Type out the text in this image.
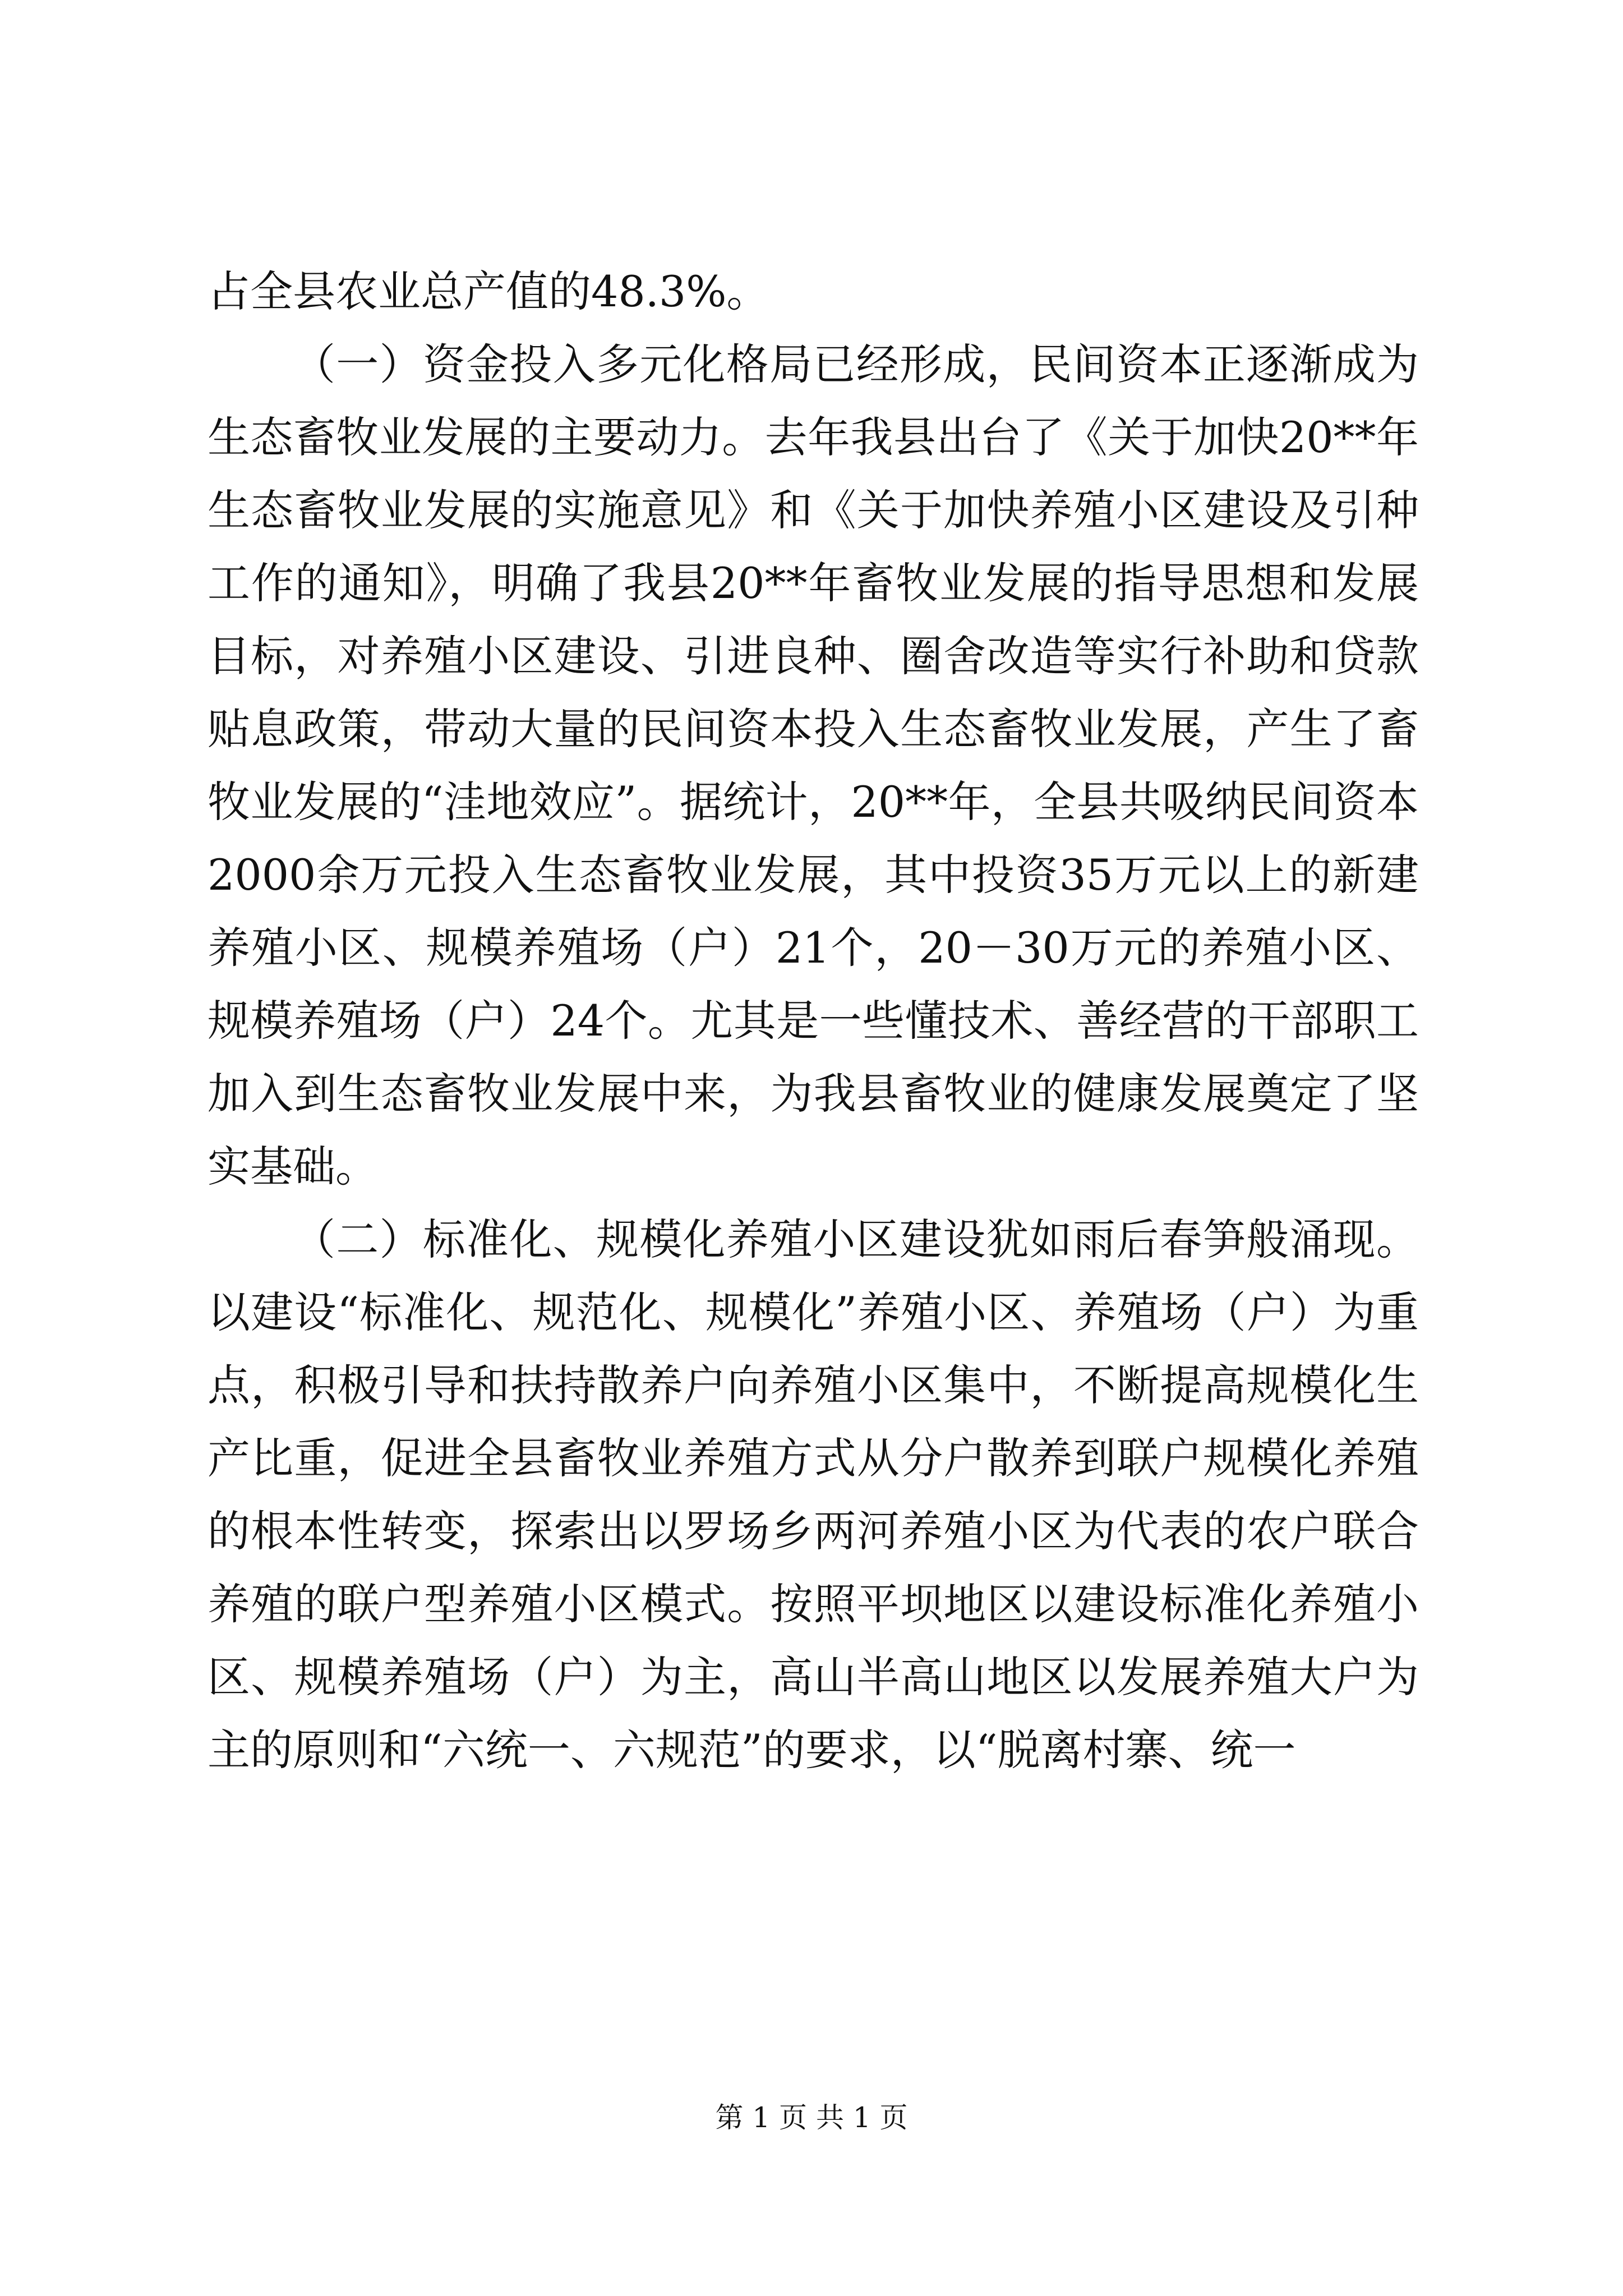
占全县农业总产值的48.3%。

（一）资金投入多元化格局已经形成，民间资本正逐渐成为生态畜牧业发展的主要动力。去年我县出台了《关于加快20**年生态畜牧业发展的实施意见》和《关于加快养殖小区建设及引种工作的通知》，明确了我县20**年畜牧业发展的指导思想和发展目标，对养殖小区建设、引进良种、圈舍改造等实行补助和贷款贴息政策，带动大量的民间资本投入生态畜牧业发展，产生了畜牧业发展的“洼地效应”。据统计，20**年，全县共吸纳民间资本2000余万元投入生态畜牧业发展，其中投资35万元以上的新建养殖小区、规模养殖场（户）21个，20－30万元的养殖小区、规模养殖场（户）24个。尤其是一些懂技术、善经营的干部职工加入到生态畜牧业发展中来，为我县畜牧业的健康发展奠定了坚实基础。

（二）标准化、规模化养殖小区建设犹如雨后春笋般涌现。以建设“标准化、规范化、规模化”养殖小区、养殖场（户）为重点，积极引导和扶持散养户向养殖小区集中，不断提高规模化生产比重，促进全县畜牧业养殖方式从分户散养到联户规模化养殖的根本性转变，探索出以罗场乡两河养殖小区为代表的农户联合养殖的联户型养殖小区模式。按照平坝地区以建设标准化养殖小区、规模养殖场（户）为主，高山半高山地区以发展养殖大户为主的原则和“六统一、六规范”的要求，以“脱离村寨、统一

第 1 页 共 1 页
